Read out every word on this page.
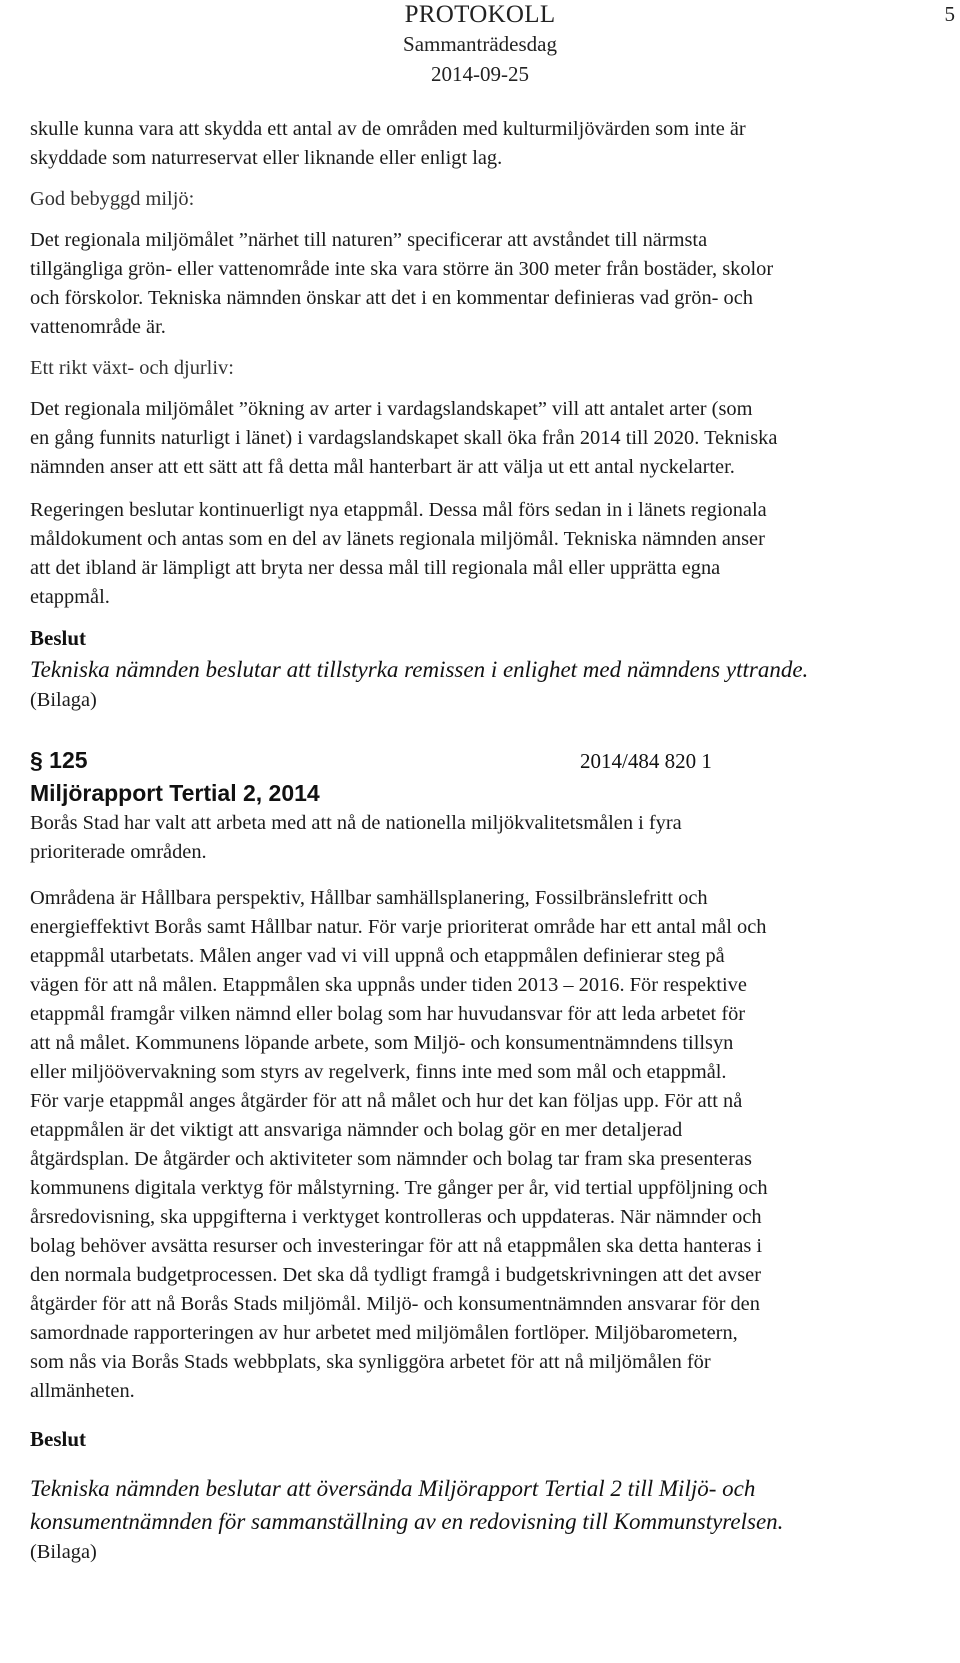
PROTOKOLL
Sammanträdesdag
2014-09-25
5

skulle kunna vara att skydda ett antal av de områden med kulturmiljövärden som inte är

skyddade som naturreservat eller liknande eller enligt lag.

God bebyggd miljö:

Det regionala miljömålet ”närhet till naturen” specificerar att avståndet till närmsta

tillgängliga grön- eller vattenområde inte ska vara större än 300 meter från bostäder, skolor

och förskolor. Tekniska nämnden önskar att det i en kommentar definieras vad grön- och

vattenområde är.

Ett rikt växt- och djurliv:

Det regionala miljömålet ”ökning av arter i vardagslandskapet” vill att antalet arter (som

en gång funnits naturligt i länet) i vardagslandskapet skall öka från 2014 till 2020. Tekniska

nämnden anser att ett sätt att få detta mål hanterbart är att välja ut ett antal nyckelarter.

Regeringen beslutar kontinuerligt nya etappmål. Dessa mål förs sedan in i länets regionala

måldokument och antas som en del av länets regionala miljömål. Tekniska nämnden anser

att det ibland är lämpligt att bryta ner dessa mål till regionala mål eller upprätta egna

etappmål.

Beslut

Tekniska nämnden beslutar att tillstyrka remissen i enlighet med nämndens yttrande.

(Bilaga)

§ 125	2014/484 820 1

Miljörapport Tertial 2, 2014

Borås Stad har valt att arbeta med att nå de nationella miljökvalitetsmålen i fyra

prioriterade områden.

Områdena är Hållbara perspektiv, Hållbar samhällsplanering, Fossilbränslefritt och

energieffektivt Borås samt Hållbar natur. För varje prioriterat område har ett antal mål och

etappmål utarbetats. Målen anger vad vi vill uppnå och etappmålen definierar steg på

vägen för att nå målen. Etappmålen ska uppnås under tiden 2013 – 2016. För respektive

etappmål framgår vilken nämnd eller bolag som har huvudansvar för att leda arbetet för

att nå målet. Kommunens löpande arbete, som Miljö- och konsumentnämndens tillsyn

eller miljöövervakning som styrs av regelverk, finns inte med som mål och etappmål.

För varje etappmål anges åtgärder för att nå målet och hur det kan följas upp. För att nå

etappmålen är det viktigt att ansvariga nämnder och bolag gör en mer detaljerad

åtgärdsplan. De åtgärder och aktiviteter som nämnder och bolag tar fram ska presenteras

kommunens digitala verktyg för målstyrning. Tre gånger per år, vid tertial uppföljning och

årsredovisning, ska uppgifterna i verktyget kontrolleras och uppdateras. När nämnder och

bolag behöver avsätta resurser och investeringar för att nå etappmålen ska detta hanteras i

den normala budgetprocessen. Det ska då tydligt framgå i budgetskrivningen att det avser

åtgärder för att nå Borås Stads miljömål. Miljö- och konsumentnämnden ansvarar för den

samordnade rapporteringen av hur arbetet med miljömålen fortlöper. Miljöbarometern,

som nås via Borås Stads webbplats, ska synliggöra arbetet för att nå miljömålen för

allmänheten.

Beslut

Tekniska nämnden beslutar att översända Miljörapport Tertial 2 till Miljö- och

konsumentnämnden för sammanställning av en redovisning till Kommunstyrelsen.

(Bilaga)
